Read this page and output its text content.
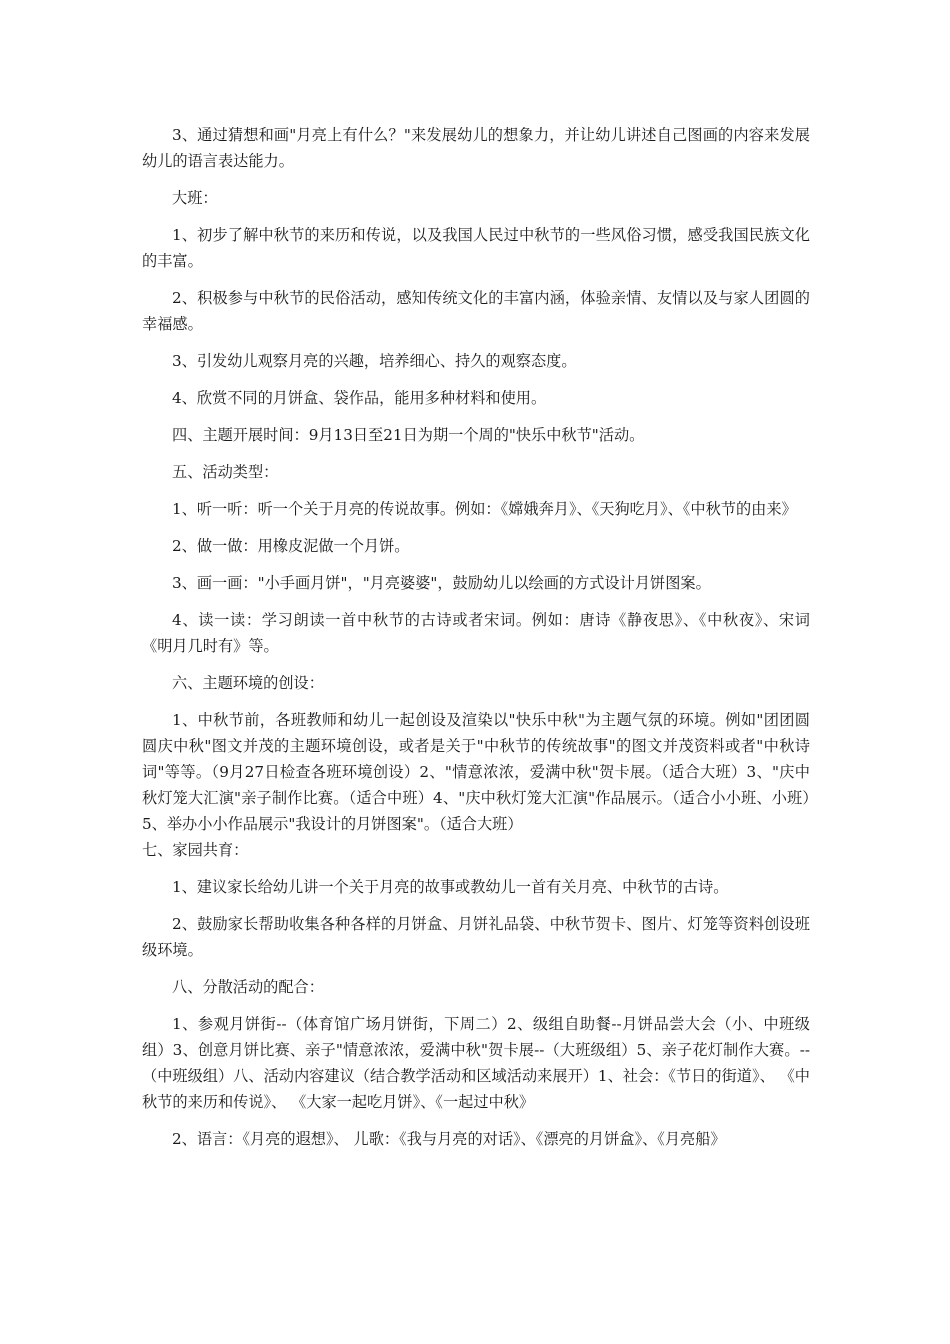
3、通过猜想和画"月亮上有什么？"来发展幼儿的想象力，并让幼儿讲述自己图画的内容来发展幼儿的语言表达能力。

大班：

1、初步了解中秋节的来历和传说，以及我国人民过中秋节的一些风俗习惯，感受我国民族文化的丰富。

2、积极参与中秋节的民俗活动，感知传统文化的丰富内涵，体验亲情、友情以及与家人团圆的幸福感。

3、引发幼儿观察月亮的兴趣，培养细心、持久的观察态度。

4、欣赏不同的月饼盒、袋作品，能用多种材料和使用。

四、主题开展时间：9月13日至21日为期一个周的"快乐中秋节"活动。

五、活动类型：

1、听一听：听一个关于月亮的传说故事。例如：《嫦娥奔月》、《天狗吃月》、《中秋节的由来》

2、做一做：用橡皮泥做一个月饼。

3、画一画："小手画月饼"，"月亮婆婆"，鼓励幼儿以绘画的方式设计月饼图案。

4、读一读：学习朗读一首中秋节的古诗或者宋词。例如：唐诗《静夜思》、《中秋夜》、宋词《明月几时有》等。

六、主题环境的创设：

1、中秋节前，各班教师和幼儿一起创设及渲染以"快乐中秋"为主题气氛的环境。例如"团团圆圆庆中秋"图文并茂的主题环境创设，或者是关于"中秋节的传统故事"的图文并茂资料或者"中秋诗词"等等。（9月27日检查各班环境创设）2、"情意浓浓，爱满中秋"贺卡展。（适合大班）3、"庆中秋灯笼大汇演"亲子制作比赛。（适合中班）4、"庆中秋灯笼大汇演"作品展示。（适合小小班、小班）5、举办小小作品展示"我设计的月饼图案"。（适合大班）

七、家园共育：

1、建议家长给幼儿讲一个关于月亮的故事或教幼儿一首有关月亮、中秋节的古诗。

2、鼓励家长帮助收集各种各样的月饼盒、月饼礼品袋、中秋节贺卡、图片、灯笼等资料创设班级环境。

八、分散活动的配合：

1、参观月饼街--（体育馆广场月饼街，下周二）2、级组自助餐--月饼品尝大会（小、中班级组）3、创意月饼比赛、亲子"情意浓浓，爱满中秋"贺卡展--（大班级组）5、亲子花灯制作大赛。--（中班级组）八、活动内容建议（结合教学活动和区域活动来展开）1、社会：《节日的街道》、 《中秋节的来历和传说》、 《大家一起吃月饼》、《一起过中秋》

2、语言：《月亮的遐想》、 儿歌：《我与月亮的对话》、《漂亮的月饼盒》、《月亮船》
